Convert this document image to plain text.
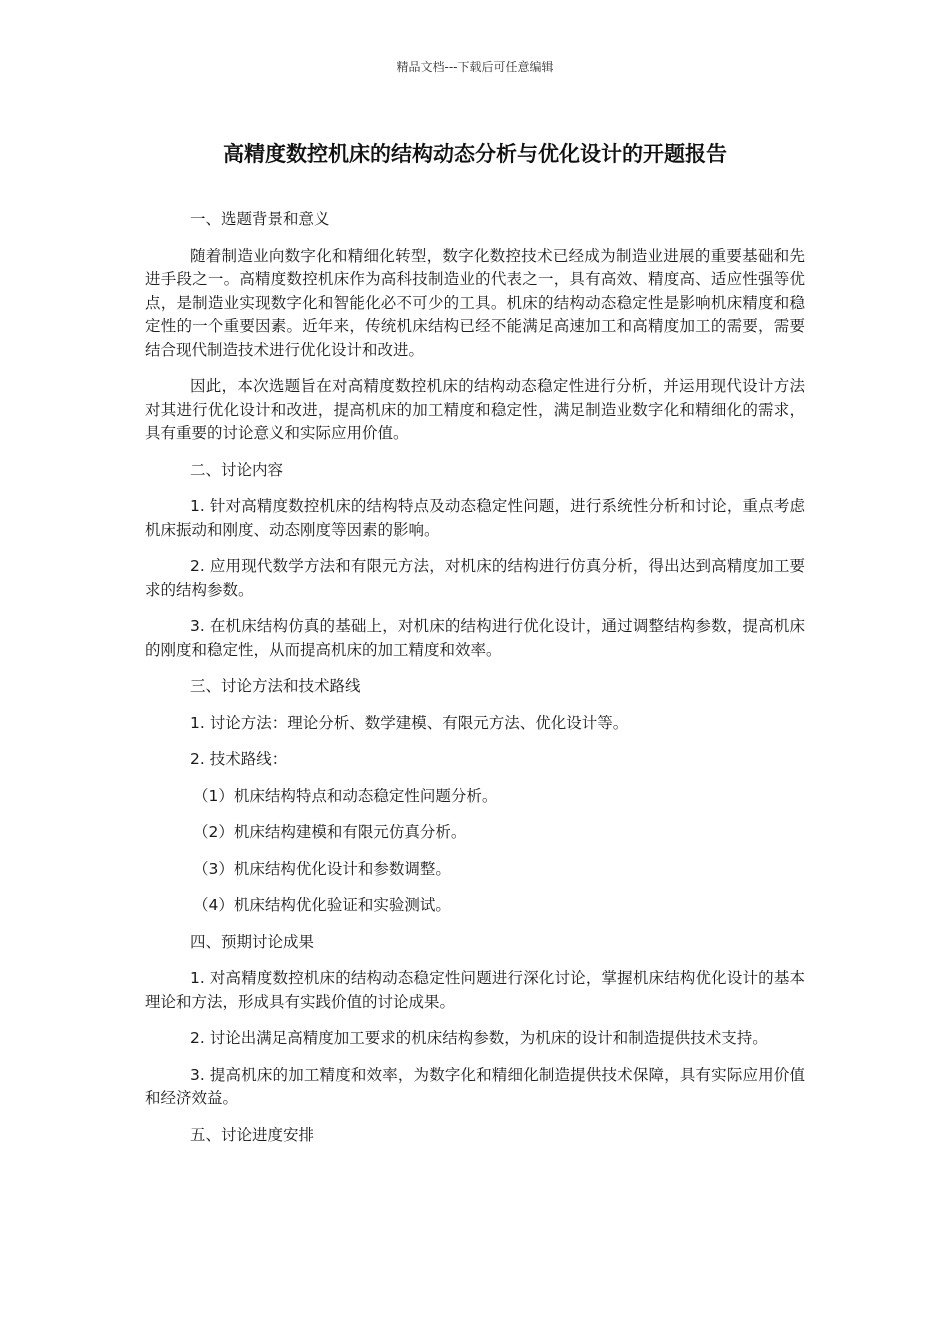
精品文档---下载后可任意编辑
高精度数控机床的结构动态分析与优化设计的开题报告

一、选题背景和意义

随着制造业向数字化和精细化转型，数字化数控技术已经成为制造业进展的重要基础和先进手段之一。高精度数控机床作为高科技制造业的代表之一，具有高效、精度高、适应性强等优点，是制造业实现数字化和智能化必不可少的工具。机床的结构动态稳定性是影响机床精度和稳定性的一个重要因素。近年来，传统机床结构已经不能满足高速加工和高精度加工的需要，需要结合现代制造技术进行优化设计和改进。

因此，本次选题旨在对高精度数控机床的结构动态稳定性进行分析，并运用现代设计方法对其进行优化设计和改进，提高机床的加工精度和稳定性，满足制造业数字化和精细化的需求，具有重要的讨论意义和实际应用价值。

二、讨论内容

1. 针对高精度数控机床的结构特点及动态稳定性问题，进行系统性分析和讨论，重点考虑机床振动和刚度、动态刚度等因素的影响。

2. 应用现代数学方法和有限元方法，对机床的结构进行仿真分析，得出达到高精度加工要求的结构参数。

3. 在机床结构仿真的基础上，对机床的结构进行优化设计，通过调整结构参数，提高机床的刚度和稳定性，从而提高机床的加工精度和效率。

三、讨论方法和技术路线

1. 讨论方法：理论分析、数学建模、有限元方法、优化设计等。

2. 技术路线：

（1）机床结构特点和动态稳定性问题分析。

（2）机床结构建模和有限元仿真分析。

（3）机床结构优化设计和参数调整。

（4）机床结构优化验证和实验测试。

四、预期讨论成果

1. 对高精度数控机床的结构动态稳定性问题进行深化讨论，掌握机床结构优化设计的基本理论和方法，形成具有实践价值的讨论成果。

2. 讨论出满足高精度加工要求的机床结构参数，为机床的设计和制造提供技术支持。

3. 提高机床的加工精度和效率，为数字化和精细化制造提供技术保障，具有实际应用价值和经济效益。

五、讨论进度安排
